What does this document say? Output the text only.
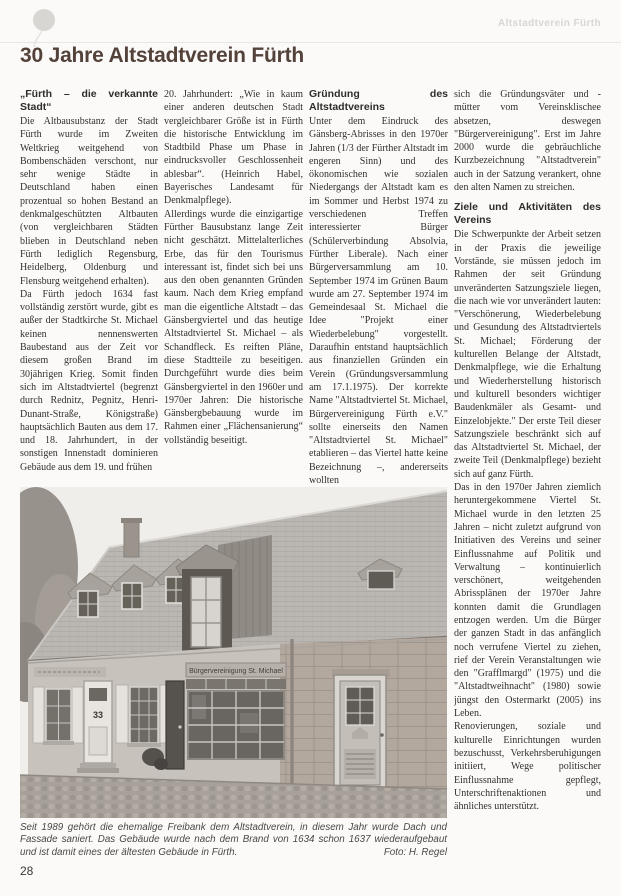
Altstadtverein Fürth
30 Jahre Altstadtverein Fürth
„Fürth – die verkannte Stadt“

Die Altbausubstanz der Stadt Fürth wurde im Zweiten Weltkrieg weitgehend von Bombenschäden verschont, nur sehr wenige Städte in Deutschland haben einen prozentual so hohen Bestand an denkmalgeschützten Altbauten (von vergleichbaren Städten blieben in Deutschland neben Fürth lediglich Regensburg, Heidelberg, Oldenburg und Flensburg weitgehend erhalten).

Da Fürth jedoch 1634 fast vollständig zerstört wurde, gibt es außer der Stadtkirche St. Michael keinen nennenswerten Baubestand aus der Zeit vor diesem großen Brand im 30jährigen Krieg. Somit finden sich im Altstadtviertel (begrenzt durch Rednitz, Pegnitz, Henri-Dunant-Straße, Königstraße) hauptsächlich Bauten aus dem 17. und 18. Jahrhundert, in der sonstigen Innenstadt dominieren Gebäude aus dem 19. und frühen

20. Jahrhundert: „Wie in kaum einer anderen deutschen Stadt vergleichbarer Größe ist in Fürth die historische Entwicklung im Stadtbild Phase um Phase in eindrucksvoller Geschlossenheit ablesbar“. (Heinrich Habel, Bayerisches Landesamt für Denkmalpflege).

Allerdings wurde die einzigartige Fürther Bausubstanz lange Zeit nicht geschätzt. Mittelalterliches Erbe, das für den Tourismus interessant ist, findet sich bei uns aus den oben genannten Gründen kaum. Nach dem Krieg empfand man die eigentliche Altstadt – das Gänsbergviertel und das heutige Altstadtviertel St. Michael – als Schandfleck. Es reiften Pläne, diese Stadtteile zu beseitigen. Durchgeführt wurde dies beim Gänsbergviertel in den 1960er und 1970er Jahren: Die historische Gänsbergbebauung wurde im Rahmen einer „Flächensanierung“ vollständig beseitigt.

Gründung des Altstadtvereins

Unter dem Eindruck des Gänsberg-Abrisses in den 1970er Jahren (1/3 der Fürther Altstadt im engeren Sinn) und des ökonomischen wie sozialen Niedergangs der Altstadt kam es im Sommer und Herbst 1974 zu verschiedenen Treffen interessierter Bürger (Schülerverbindung Absolvia, Fürther Liberale). Nach einer Bürgerversammlung am 10. September 1974 im Grünen Baum wurde am 27. September 1974 im Gemeindesaal St. Michael die Idee "Projekt einer Wiederbelebung" vorgestellt. Daraufhin entstand hauptsächlich aus finanziellen Gründen ein Verein (Gründungsversammlung am 17.1.1975). Der korrekte Name "Altstadtviertel St. Michael, Bürgervereinigung Fürth e.V." sollte einerseits den Namen "Altstadtviertel St. Michael" etablieren – das Viertel hatte keine Bezeichnung –, andererseits wollten

sich die Gründungsväter und -mütter vom Vereinsklischee absetzen, deswegen "Bürgervereinigung". Erst im Jahre 2000 wurde die gebräuchliche Kurzbezeichnung "Altstadtverein" auch in der Satzung verankert, ohne den alten Namen zu streichen.

Ziele und Aktivitäten des Vereins

Die Schwerpunkte der Arbeit setzen in der Praxis die jeweilige Vorstände, sie müssen jedoch im Rahmen der seit Gründung unveränderten Satzungsziele liegen, die nach wie vor unverändert lauten: "Verschönerung, Wiederbelebung und Gesundung des Altstadtviertels St. Michael; Förderung der kulturellen Belange der Altstadt, Denkmalpflege, wie die Erhaltung und Wiederherstellung historisch und kulturell besonders wichtiger Baudenkmäler als Gesamt- und Einzelobjekte." Der erste Teil dieser Satzungsziele beschränkt sich auf das Altstadtviertel St. Michael, der zweite Teil (Denkmalpflege) bezieht sich auf ganz Fürth.

Das in den 1970er Jahren ziemlich heruntergekommene Viertel St. Michael wurde in den letzten 25 Jahren – nicht zuletzt aufgrund von Initiativen des Vereins und seiner Einflussnahme auf Politik und Verwaltung – kontinuierlich verschönert, weitgehenden Abrissplänen der 1970er Jahre konnten damit die Grundlagen entzogen werden. Um die Bürger der ganzen Stadt in das anfänglich noch verrufene Viertel zu ziehen, rief der Verein Veranstaltungen wie den "Grafflmargd" (1975) und die "Altstadtweihnacht" (1980) sowie jüngst den Ostermarkt (2005) ins Leben.

Renovierungen, soziale und kulturelle Einrichtungen wurden bezuschusst, Verkehrsberuhigungen initiiert, Wege politischer Einflussnahme gepflegt, Unterschriftenaktionen und ähnliches unterstützt.

33
Bürgervereinigung St. Michael
Seit 1989 gehört die ehemalige Freibank dem Altstadtverein, in diesem Jahr wurde Dach und Fassade saniert. Das Gebäude wurde nach dem Brand von 1634 schon 1637 wiederaufgebaut und ist damit eines der ältesten Gebäude in Fürth.	Foto: H. Regel
28
